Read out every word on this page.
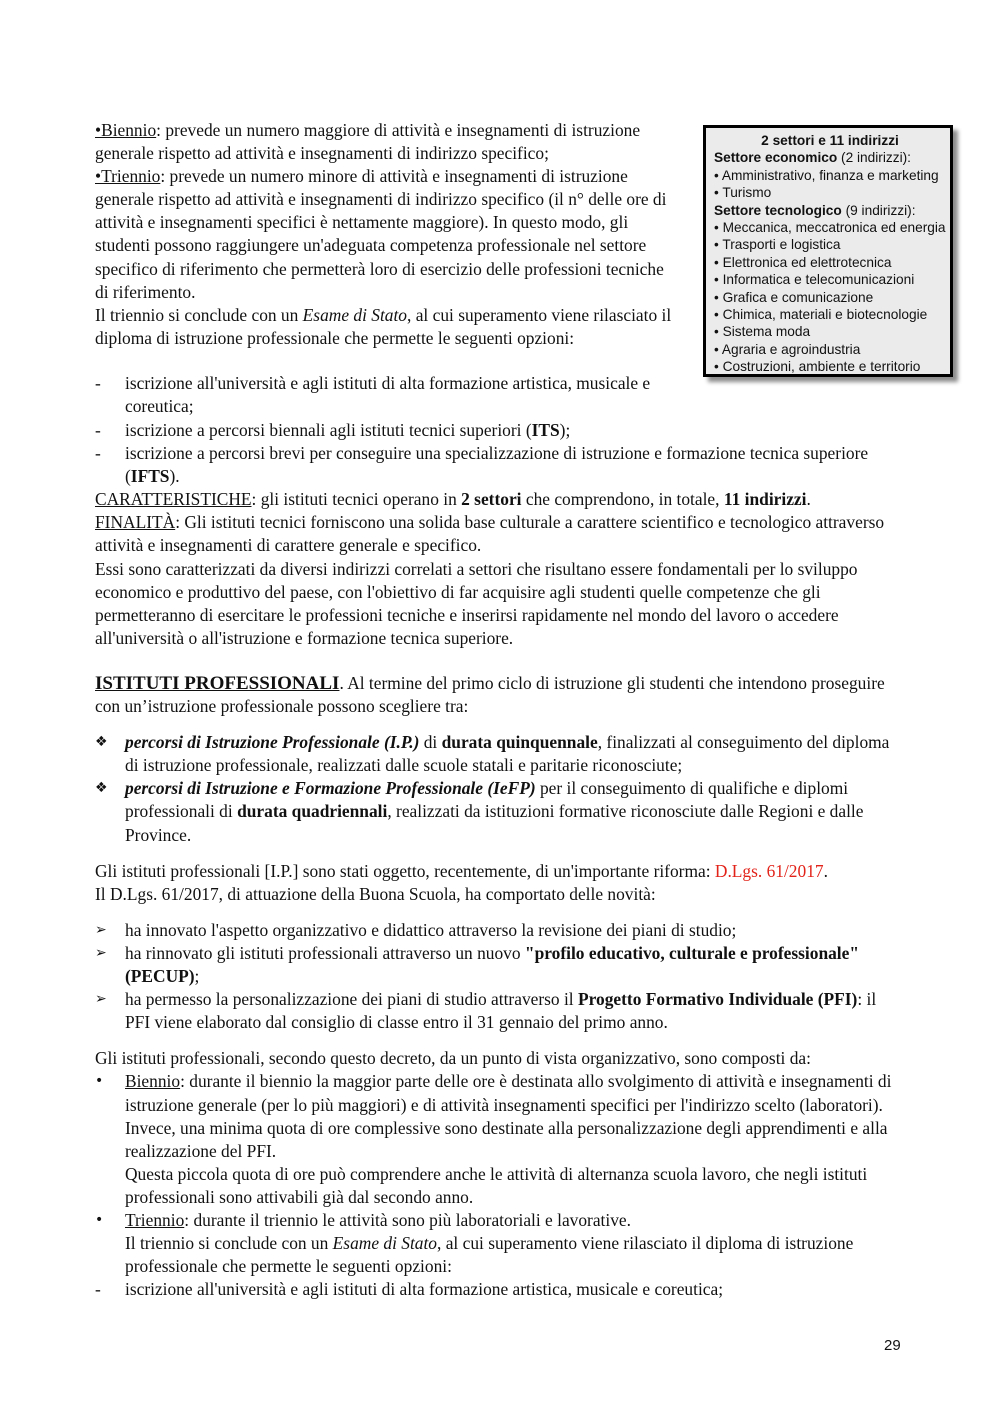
•Biennio: prevede un numero maggiore di attività e insegnamenti di istruzione generale rispetto ad attività e insegnamenti di indirizzo specifico;

•Triennio: prevede un numero minore di attività e insegnamenti di istruzione generale rispetto ad attività e insegnamenti di indirizzo specifico (il n° delle ore di attività e insegnamenti specifici è nettamente maggiore). In questo modo, gli studenti possono raggiungere un'adeguata competenza professionale nel settore specifico di riferimento che permetterà loro di esercizio delle professioni tecniche di riferimento.

Il triennio si conclude con un Esame di Stato, al cui superamento viene rilasciato il diploma di istruzione professionale che permette le seguenti opzioni:

- iscrizione all'università e agli istituti di alta formazione artistica, musicale e coreutica;
- iscrizione a percorsi biennali agli istituti tecnici superiori (ITS);
- iscrizione a percorsi brevi per conseguire una specializzazione di istruzione e formazione tecnica superiore (IFTS).

CARATTERISTICHE: gli istituti tecnici operano in 2 settori che comprendono, in totale, 11 indirizzi.

FINALITÀ: Gli istituti tecnici forniscono una solida base culturale a carattere scientifico e tecnologico attraverso attività e insegnamenti di carattere generale e specifico.

Essi sono caratterizzati da diversi indirizzi correlati a settori che risultano essere fondamentali per lo sviluppo economico e produttivo del paese, con l'obiettivo di far acquisire agli studenti quelle competenze che gli permetteranno di esercitare le professioni tecniche e inserirsi rapidamente nel mondo del lavoro o accedere all'università o all'istruzione e formazione tecnica superiore.

2 settori e 11 indirizzi
Settore economico (2 indirizzi):
• Amministrativo, finanza e marketing
• Turismo
Settore tecnologico (9 indirizzi):
• Meccanica, meccatronica ed energia
• Trasporti e logistica
• Elettronica ed elettrotecnica
• Informatica e telecomunicazioni
• Grafica e comunicazione
• Chimica, materiali e biotecnologie
• Sistema moda
• Agraria e agroindustria
• Costruzioni, ambiente e territorio

ISTITUTI PROFESSIONALI. Al termine del primo ciclo di istruzione gli studenti che intendono proseguire con un’istruzione professionale possono scegliere tra:

❖ percorsi di Istruzione Professionale (I.P.) di durata quinquennale, finalizzati al conseguimento del diploma di istruzione professionale, realizzati dalle scuole statali e paritarie riconosciute;
❖ percorsi di Istruzione e Formazione Professionale (IeFP) per il conseguimento di qualifiche e diplomi professionali di durata quadriennali, realizzati da istituzioni formative riconosciute dalle Regioni e dalle Province.

Gli istituti professionali [I.P.] sono stati oggetto, recentemente, di un'importante riforma: D.Lgs. 61/2017.

Il D.Lgs. 61/2017, di attuazione della Buona Scuola, ha comportato delle novità:

➢ ha innovato l'aspetto organizzativo e didattico attraverso la revisione dei piani di studio;
➢ ha rinnovato gli istituti professionali attraverso un nuovo "profilo educativo, culturale e professionale" (PECUP);
➢ ha permesso la personalizzazione dei piani di studio attraverso il Progetto Formativo Individuale (PFI): il PFI viene elaborato dal consiglio di classe entro il 31 gennaio del primo anno.

Gli istituti professionali, secondo questo decreto, da un punto di vista organizzativo, sono composti da:

• Biennio: durante il biennio la maggior parte delle ore è destinata allo svolgimento di attività e insegnamenti di istruzione generale (per lo più maggiori) e di attività insegnamenti specifici per l'indirizzo scelto (laboratori). Invece, una minima quota di ore complessive sono destinate alla personalizzazione degli apprendimenti e alla realizzazione del PFI.
Questa piccola quota di ore può comprendere anche le attività di alternanza scuola lavoro, che negli istituti professionali sono attivabili già dal secondo anno.
• Triennio: durante il triennio le attività sono più laboratoriali e lavorative.
Il triennio si conclude con un Esame di Stato, al cui superamento viene rilasciato il diploma di istruzione professionale che permette le seguenti opzioni:
- iscrizione all'università e agli istituti di alta formazione artistica, musicale e coreutica;
29
